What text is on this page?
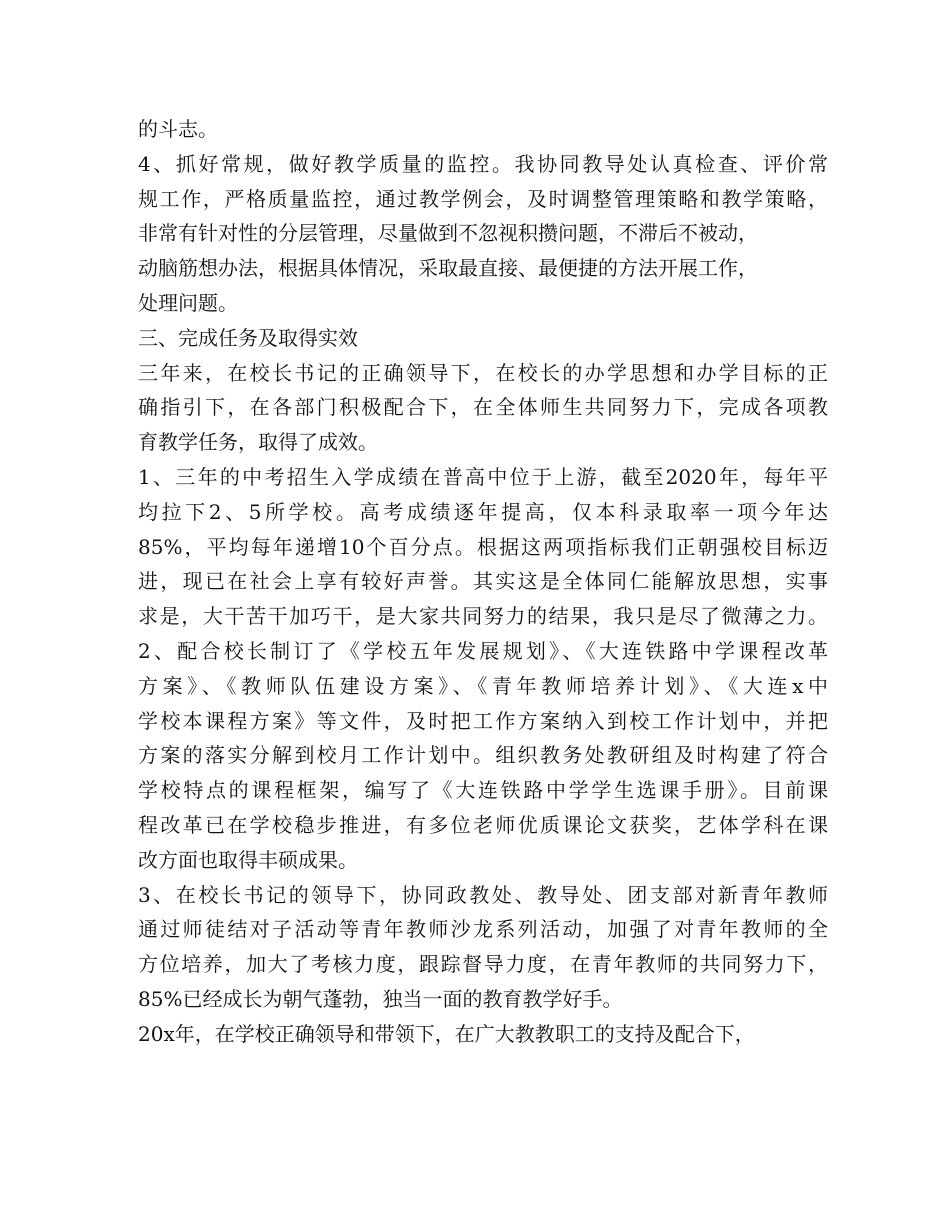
的斗志。
4、抓好常规，做好教学质量的监控。我协同教导处认真检查、评价常
规工作，严格质量监控，通过教学例会，及时调整管理策略和教学策略，
非常有针对性的分层管理，尽量做到不忽视积攒问题，不滞后不被动，
动脑筋想办法，根据具体情况，采取最直接、最便捷的方法开展工作，
处理问题。
三、完成任务及取得实效
三年来，在校长书记的正确领导下，在校长的办学思想和办学目标的正
确指引下，在各部门积极配合下，在全体师生共同努力下，完成各项教
育教学任务，取得了成效。
1、三年的中考招生入学成绩在普高中位于上游，截至2020年，每年平
均拉下2、5所学校。高考成绩逐年提高，仅本科录取率一项今年达
85%，平均每年递增10个百分点。根据这两项指标我们正朝强校目标迈
进，现已在社会上享有较好声誉。其实这是全体同仁能解放思想，实事
求是，大干苦干加巧干，是大家共同努力的结果，我只是尽了微薄之力。
2、配合校长制订了《学校五年发展规划》、《大连铁路中学课程改革
方案》、《教师队伍建设方案》、《青年教师培养计划》、《大连x中
学校本课程方案》等文件，及时把工作方案纳入到校工作计划中，并把
方案的落实分解到校月工作计划中。组织教务处教研组及时构建了符合
学校特点的课程框架，编写了《大连铁路中学学生选课手册》。目前课
程改革已在学校稳步推进，有多位老师优质课论文获奖，艺体学科在课
改方面也取得丰硕成果。
3、在校长书记的领导下，协同政教处、教导处、团支部对新青年教师
通过师徒结对子活动等青年教师沙龙系列活动，加强了对青年教师的全
方位培养，加大了考核力度，跟踪督导力度，在青年教师的共同努力下，
85%已经成长为朝气蓬勃，独当一面的教育教学好手。
20x年，在学校正确领导和带领下，在广大教教职工的支持及配合下，
